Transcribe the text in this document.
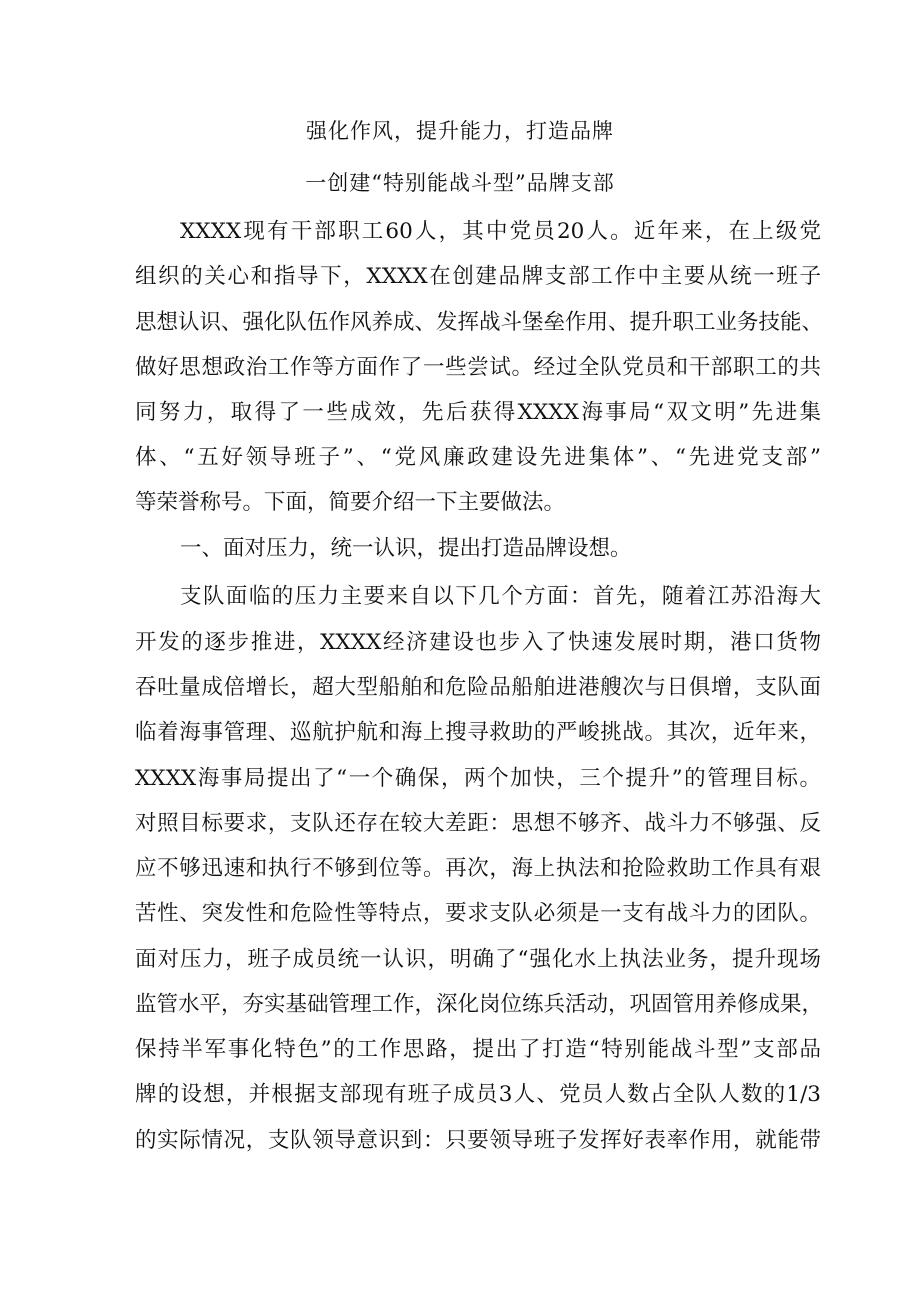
强化作风，提升能力，打造品牌
一创建“特别能战斗型”品牌支部
XXXX现有干部职工60人，其中党员20人。近年来，在上级党
组织的关心和指导下，XXXX在创建品牌支部工作中主要从统一班子
思想认识、强化队伍作风养成、发挥战斗堡垒作用、提升职工业务技能、
做好思想政治工作等方面作了一些尝试。经过全队党员和干部职工的共
同努力，取得了一些成效，先后获得XXXX海事局“双文明”先进集
体、“五好领导班子”、“党风廉政建设先进集体”、“先进党支部”
等荣誉称号。下面，简要介绍一下主要做法。
一、面对压力，统一认识，提出打造品牌设想。
支队面临的压力主要来自以下几个方面：首先，随着江苏沿海大
开发的逐步推进，XXXX经济建设也步入了快速发展时期，港口货物
吞吐量成倍增长，超大型船舶和危险品船舶进港艘次与日俱增，支队面
临着海事管理、巡航护航和海上搜寻救助的严峻挑战。其次，近年来，
XXXX海事局提出了“一个确保，两个加快，三个提升”的管理目标。
对照目标要求，支队还存在较大差距：思想不够齐、战斗力不够强、反
应不够迅速和执行不够到位等。再次，海上执法和抢险救助工作具有艰
苦性、突发性和危险性等特点，要求支队必须是一支有战斗力的团队。
面对压力，班子成员统一认识，明确了“强化水上执法业务，提升现场
监管水平，夯实基础管理工作，深化岗位练兵活动，巩固管用养修成果，
保持半军事化特色”的工作思路，提出了打造“特别能战斗型”支部品
牌的设想，并根据支部现有班子成员3人、党员人数占全队人数的1/3
的实际情况，支队领导意识到：只要领导班子发挥好表率作用，就能带
